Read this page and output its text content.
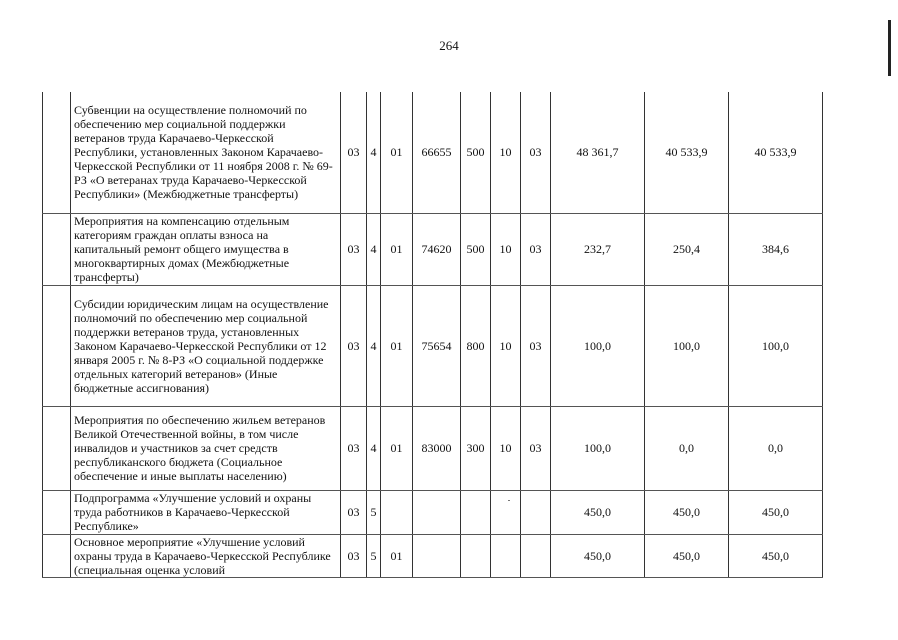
264
	Субвенции на осуществление полномочий по обеспечению мер социальной поддержки ветеранов труда Карачаево-Черкесской Республики, установленных Законом Карачаево-Черкесской Республики от 11 ноября 2008 г. № 69-РЗ «О ветеранах труда Карачаево-Черкесской Республики» (Межбюджетные трансферты)	03	4	01	66655	500	10	03	48 361,7	40 533,9	40 533,9
	Мероприятия на компенсацию отдельным категориям граждан оплаты взноса на капитальный ремонт общего имущества в многоквартирных домах (Межбюджетные трансферты)	03	4	01	74620	500	10	03	232,7	250,4	384,6
	Субсидии юридическим лицам на осуществление полномочий по обеспечению мер социальной поддержки ветеранов труда, установленных Законом Карачаево-Черкесской Республики от 12 января 2005 г. № 8-РЗ «О социальной поддержке отдельных категорий ветеранов» (Иные бюджетные ассигнования)	03	4	01	75654	800	10	03	100,0	100,0	100,0
	Мероприятия по обеспечению жильем ветеранов Великой Отечественной войны, в том числе инвалидов и участников за счет средств республиканского бюджета (Социальное обеспечение и иные выплаты населению)	03	4	01	83000	300	10	03	100,0	0,0	0,0
	Подпрограмма «Улучшение условий и охраны труда работников в Карачаево-Черкесской Республике»	03	5						450,0	450,0	450,0
	Основное мероприятие «Улучшение условий охраны труда в Карачаево-Черкесской Республике (специальная оценка условий	03	5	01					450,0	450,0	450,0
